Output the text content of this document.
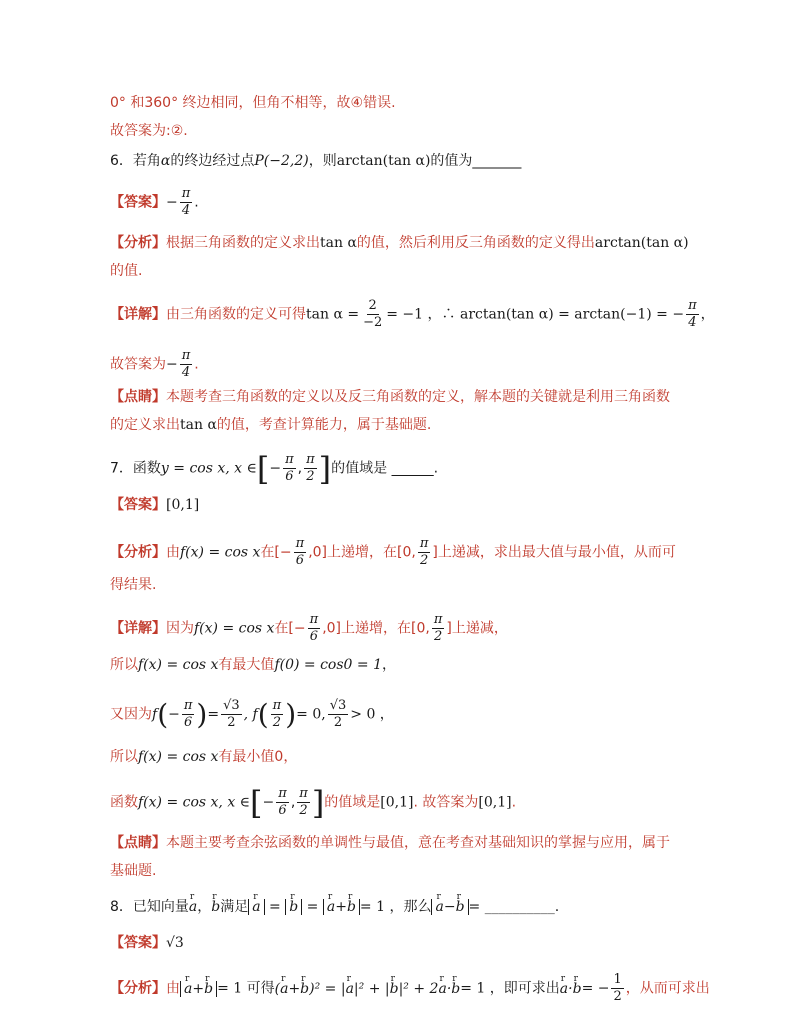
0° 和360° 终边相同，但角不相等，故④错误.
故答案为:②.
6．若角α的终边经过点P(−2,2)，则arctan(tan α)的值为_______
【答案】− $\frac{\pi}{4}$ .
【分析】根据三角函数的定义求出tan α的值，然后利用反三角函数的定义得出arctan(tan α)
的值.
【详解】由三角函数的定义可得$\tan \alpha = \frac{2}{-2} = -1$ ，∴ arctan(tan α) = arctan(−1) = − $\frac{\pi}{4}$ ，
故答案为− $\frac{\pi}{4}$ .
【点睛】本题考查三角函数的定义以及反三角函数的定义，解本题的关键就是利用三角函数
的定义求出tan α的值，考查计算能力，属于基础题.
7．函数y = cos x, x ∈[− $\frac{\pi}{6}$ , $\frac{\pi}{2}$ ]的值域是 ______.
【答案】[0,1]
【分析】由f(x) = cos x在[− $\frac{\pi}{6} ,0$]上递增，在[0, $\frac{\pi}{2}$ ]上递减，求出最大值与最小值，从而可
得结果.
【详解】因为f(x) = cos x在[− $\frac{\pi}{6} ,0$]上递增，在[0, $\frac{\pi}{2}$ ]上递减，
所以f(x) = cos x有最大值f(0) = cos0 = 1，
又因为$f(- \frac{\pi}{6}$ )= $\frac{√3}{2}$ , $f( \frac{\pi}{2}$ )= 0, $\frac{√3}{2} > 0$ ，
所以f(x) = cos x有最小值0，
函数f(x) = cos x, x ∈[− $\frac{\pi}{6}$ , $\frac{\pi}{2}$ ]的值域是[0,1]. 故答案为[0,1].
【点睛】本题主要考查余弦函数的单调性与最值，意在考查对基础知识的掌握与应用，属于
基础题.
8．已知向量r a，r b满足 r a = r b = r a+r b = 1 ，那么 r a−r b = __________.
【答案】√3
【分析】由 r a+r b = 1 可得(r a+r b)² = |r a|² + |r b|² + 2r a·r b= 1 ，即可求出r a·r $b= - \frac{1}{2}$ ，从而可求出
